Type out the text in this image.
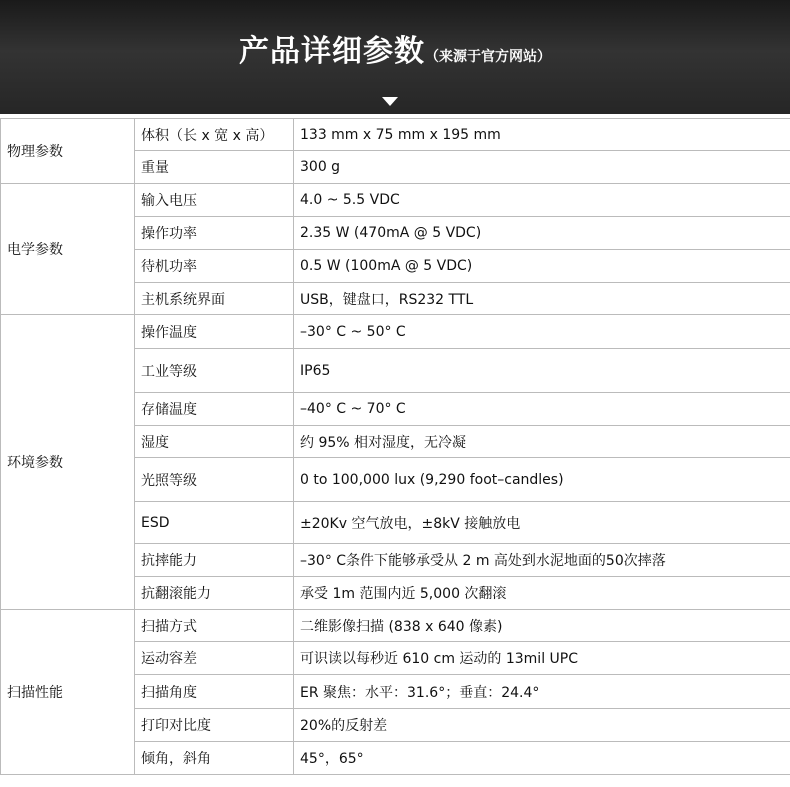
产品详细参数（来源于官方网站）
物理参数	体积（长 x 宽 x 高）	133 mm x 75 mm x 195 mm
	重量	300 g
电学参数	输入电压	4.0 ~ 5.5 VDC
	操作功率	2.35 W (470mA @ 5 VDC)
	待机功率	0.5 W (100mA @ 5 VDC)
	主机系统界面	USB，键盘口，RS232 TTL
环境参数	操作温度	–30° C ~ 50° C
	工业等级	IP65
	存储温度	–40° C ~ 70° C
	湿度	约 95% 相对湿度，无冷凝
	光照等级	0 to 100,000 lux (9,290 foot–candles)
	ESD	±20Kv 空气放电，±8kV 接触放电
	抗摔能力	–30° C条件下能够承受从 2 m 高处到水泥地面的50次摔落
	抗翻滚能力	承受 1m 范围内近 5,000 次翻滚
扫描性能	扫描方式	二维影像扫描 (838 x 640 像素)
	运动容差	可识读以每秒近 610 cm 运动的 13mil UPC
	扫描角度	ER 聚焦：水平：31.6°；垂直：24.4°
	打印对比度	20%的反射差
	倾角，斜角	45°，65°
